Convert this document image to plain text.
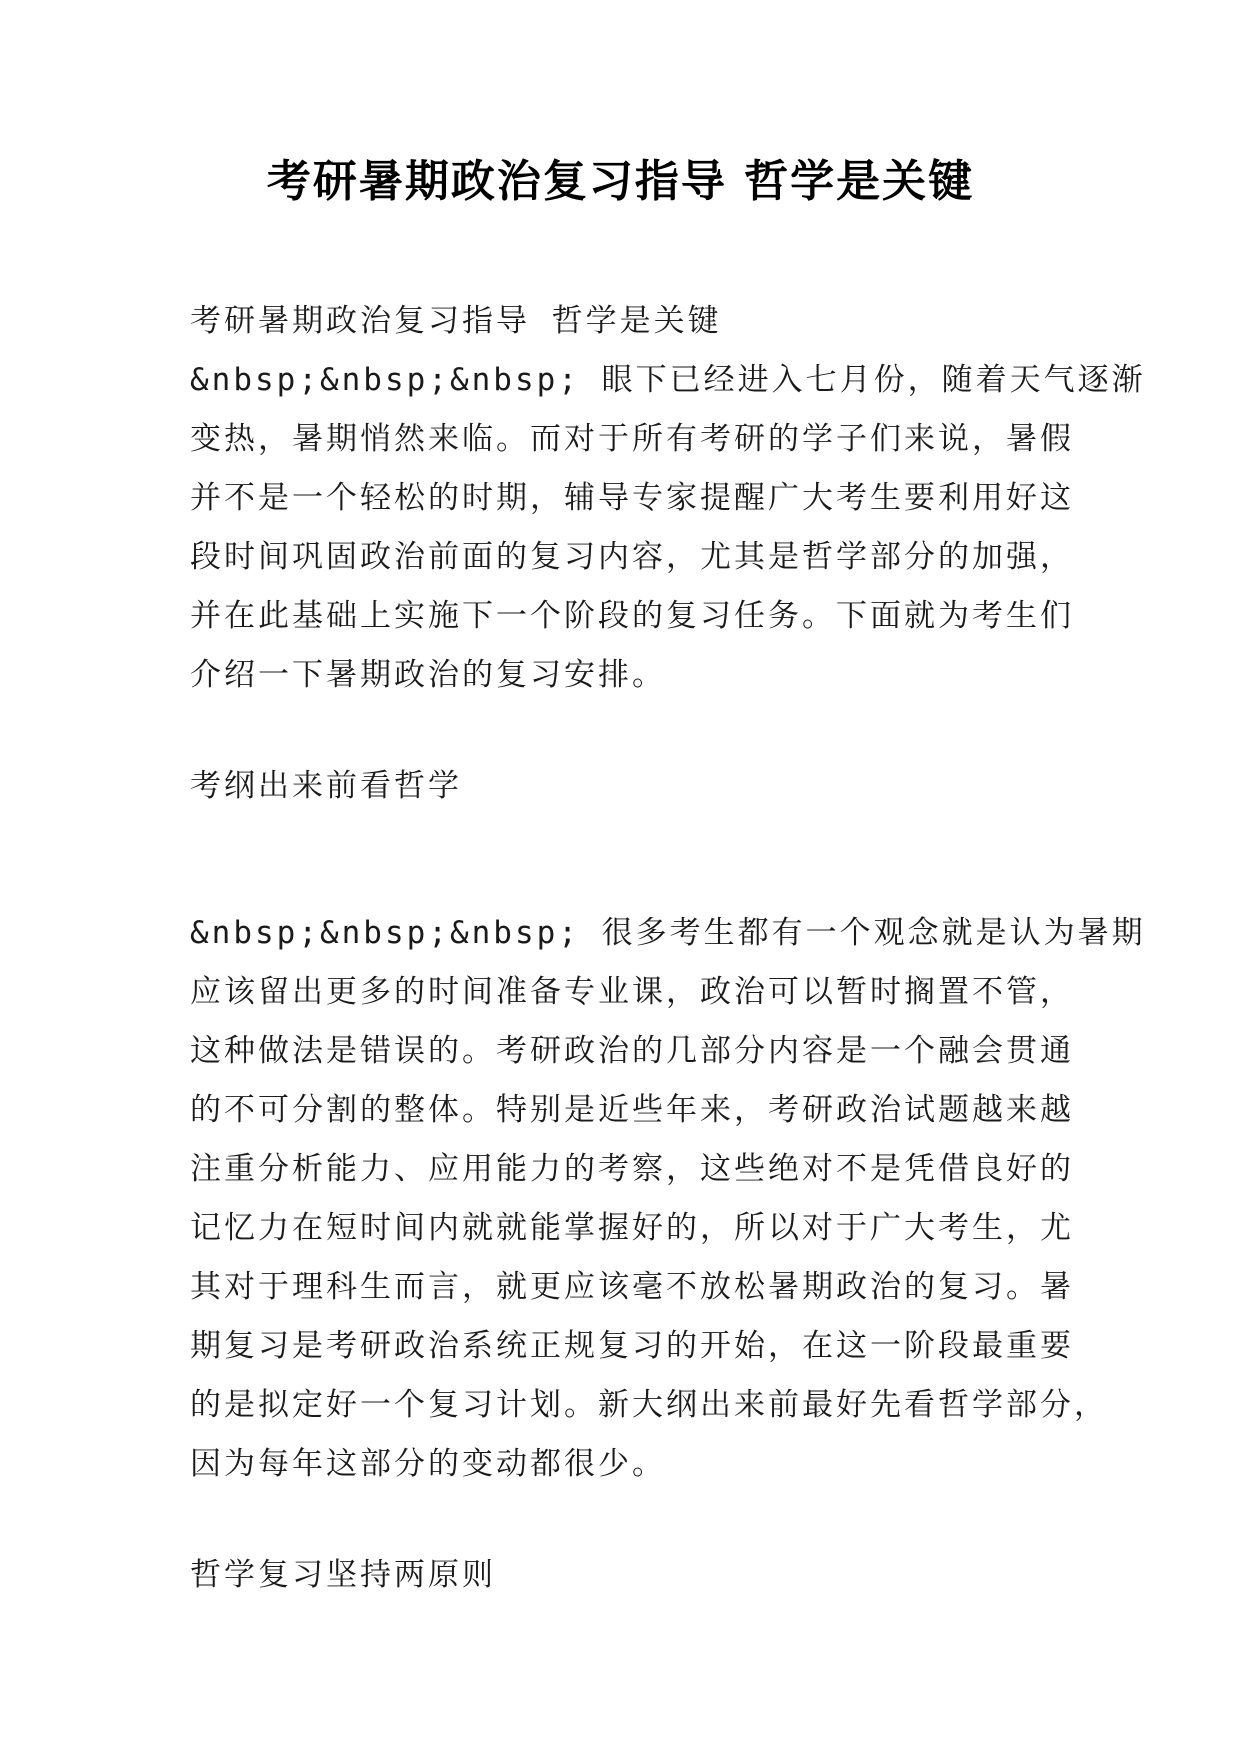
考研暑期政治复习指导 哲学是关键
考研暑期政治复习指导 哲学是关键
&nbsp;&nbsp;&nbsp; 眼下已经进入七月份，随着天气逐渐
变热，暑期悄然来临。而对于所有考研的学子们来说，暑假
并不是一个轻松的时期，辅导专家提醒广大考生要利用好这
段时间巩固政治前面的复习内容，尤其是哲学部分的加强，
并在此基础上实施下一个阶段的复习任务。下面就为考生们
介绍一下暑期政治的复习安排。
考纲出来前看哲学
&nbsp;&nbsp;&nbsp; 很多考生都有一个观念就是认为暑期
应该留出更多的时间准备专业课，政治可以暂时搁置不管，
这种做法是错误的。考研政治的几部分内容是一个融会贯通
的不可分割的整体。特别是近些年来，考研政治试题越来越
注重分析能力、应用能力的考察，这些绝对不是凭借良好的
记忆力在短时间内就就能掌握好的，所以对于广大考生，尤
其对于理科生而言，就更应该毫不放松暑期政治的复习。暑
期复习是考研政治系统正规复习的开始，在这一阶段最重要
的是拟定好一个复习计划。新大纲出来前最好先看哲学部分，
因为每年这部分的变动都很少。
哲学复习坚持两原则
